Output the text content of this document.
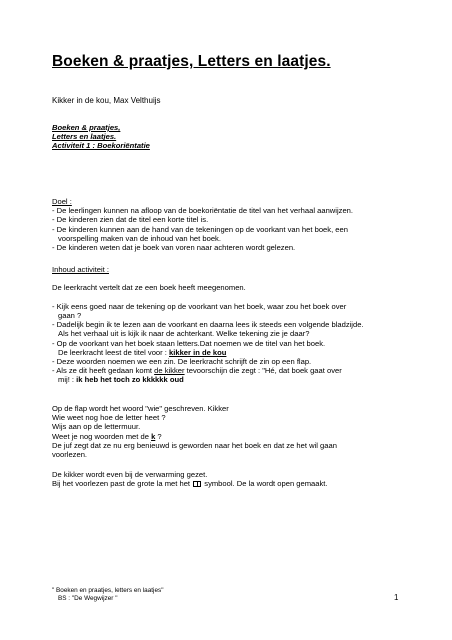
Boeken & praatjes, Letters en laatjes.
Kikker in de kou, Max Velthuijs
Boeken & praatjes,
Letters en laatjes.
Activiteit 1 : Boekoriëntatie
Doel :
- De leerlingen kunnen na afloop van de boekoriëntatie de titel van het verhaal aanwijzen.
- De kinderen zien dat de titel een korte titel is.
- De kinderen kunnen aan de hand van de tekeningen op de voorkant van het boek, een
voorspelling maken van de inhoud van het boek.
- De kinderen weten dat je boek van voren naar achteren wordt gelezen.
Inhoud activiteit :

De leerkracht vertelt dat ze een boek heeft meegenomen.

- Kijk eens goed naar de tekening op de voorkant van het boek, waar zou het boek over
gaan ?
- Dadelijk begin ik te lezen aan de voorkant en daarna lees ik steeds een volgende bladzijde.
Als het verhaal uit is kijk ik naar de achterkant. Welke tekening zie je daar?
- Op de voorkant van het boek staan letters.Dat noemen we de titel van het boek.
De leerkracht leest de titel voor : kikker in de kou
- Deze woorden noemen we een zin. De leerkracht schrijft de zin op een flap.
- Als ze dit heeft gedaan komt de kikker tevoorschijn die zegt : "Hé, dat boek gaat over
mij! : ik heb het toch zo kkkkkk oud
Op de flap wordt het woord "wie" geschreven. Kikker
Wie weet nog hoe de letter heet ?
Wijs aan op de lettermuur.
Weet je nog woorden met de k ?
De juf zegt dat ze nu erg benieuwd is geworden naar het boek en dat ze het wil gaan
voorlezen.
De kikker wordt even bij de verwarming gezet.
Bij het voorlezen past de grote la met het  symbool. De la wordt open gemaakt.
" Boeken en praatjes, letters en laatjes"
BS : "De Wegwijzer "	1
